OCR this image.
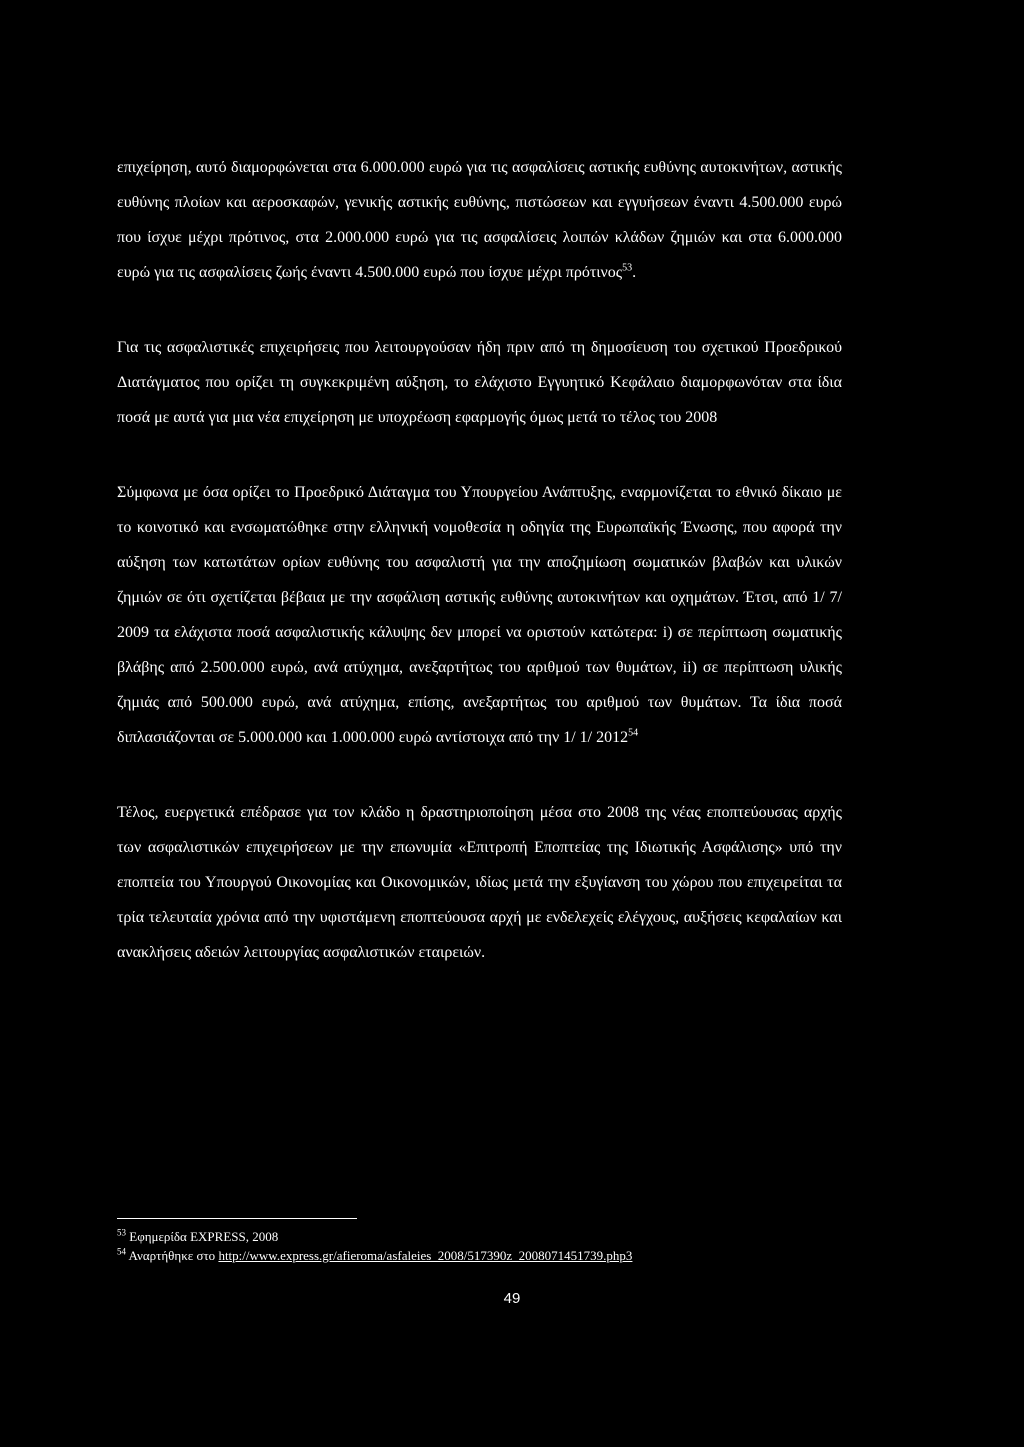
επιχείρηση, αυτό διαμορφώνεται στα 6.000.000 ευρώ για τις ασφαλίσεις αστικής ευθύνης αυτοκινήτων, αστικής ευθύνης πλοίων και αεροσκαφών, γενικής αστικής ευθύνης, πιστώσεων και εγγυήσεων έναντι 4.500.000 ευρώ που ίσχυε μέχρι πρότινος, στα 2.000.000 ευρώ για τις ασφαλίσεις λοιπών κλάδων ζημιών και στα 6.000.000 ευρώ για τις ασφαλίσεις ζωής έναντι 4.500.000 ευρώ που ίσχυε μέχρι πρότινος$^{53}$.

Για τις ασφαλιστικές επιχειρήσεις που λειτουργούσαν ήδη πριν από τη δημοσίευση του σχετικού Προεδρικού Διατάγματος που ορίζει τη συγκεκριμένη αύξηση, το ελάχιστο Εγγυητικό Κεφάλαιο διαμορφωνόταν στα ίδια ποσά με αυτά για μια νέα επιχείρηση με υποχρέωση εφαρμογής όμως μετά το τέλος του 2008

Σύμφωνα με όσα ορίζει το Προεδρικό Διάταγμα του Υπουργείου Ανάπτυξης, εναρμονίζεται το εθνικό δίκαιο με το κοινοτικό και ενσωματώθηκε στην ελληνική νομοθεσία η οδηγία της Ευρωπαϊκής Ένωσης, που αφορά την αύξηση των κατωτάτων ορίων ευθύνης του ασφαλιστή για την αποζημίωση σωματικών βλαβών και υλικών ζημιών σε ότι σχετίζεται βέβαια με την ασφάλιση αστικής ευθύνης αυτοκινήτων και οχημάτων. Έτσι, από 1/ 7/ 2009 τα ελάχιστα ποσά ασφαλιστικής κάλυψης δεν μπορεί να οριστούν κατώτερα: i) σε περίπτωση σωματικής βλάβης από 2.500.000 ευρώ, ανά ατύχημα, ανεξαρτήτως του αριθμού των θυμάτων, ii) σε περίπτωση υλικής ζημιάς από 500.000 ευρώ, ανά ατύχημα, επίσης, ανεξαρτήτως του αριθμού των θυμάτων. Τα ίδια ποσά διπλασιάζονται σε 5.000.000 και 1.000.000 ευρώ αντίστοιχα από την 1/ 1/ 2012$^{54}$

Τέλος, ευεργετικά επέδρασε για τον κλάδο η δραστηριοποίηση μέσα στο 2008 της νέας εποπτεύουσας αρχής των ασφαλιστικών επιχειρήσεων με την επωνυμία «Επιτροπή Εποπτείας της Ιδιωτικής Ασφάλισης» υπό την εποπτεία του Υπουργού Οικονομίας και Οικονομικών, ιδίως μετά την εξυγίανση του χώρου που επιχειρείται τα τρία τελευταία χρόνια από την υφιστάμενη εποπτεύουσα αρχή με ενδελεχείς ελέγχους, αυξήσεις κεφαλαίων και ανακλήσεις αδειών λειτουργίας ασφαλιστικών εταιρειών.

$^{53}$ Εφημερίδα EXPRESS, 2008

$^{54}$ Αναρτήθηκε στο http://www.express.gr/afieroma/asfaleies_2008/517390z_2008071451739.php3

49
